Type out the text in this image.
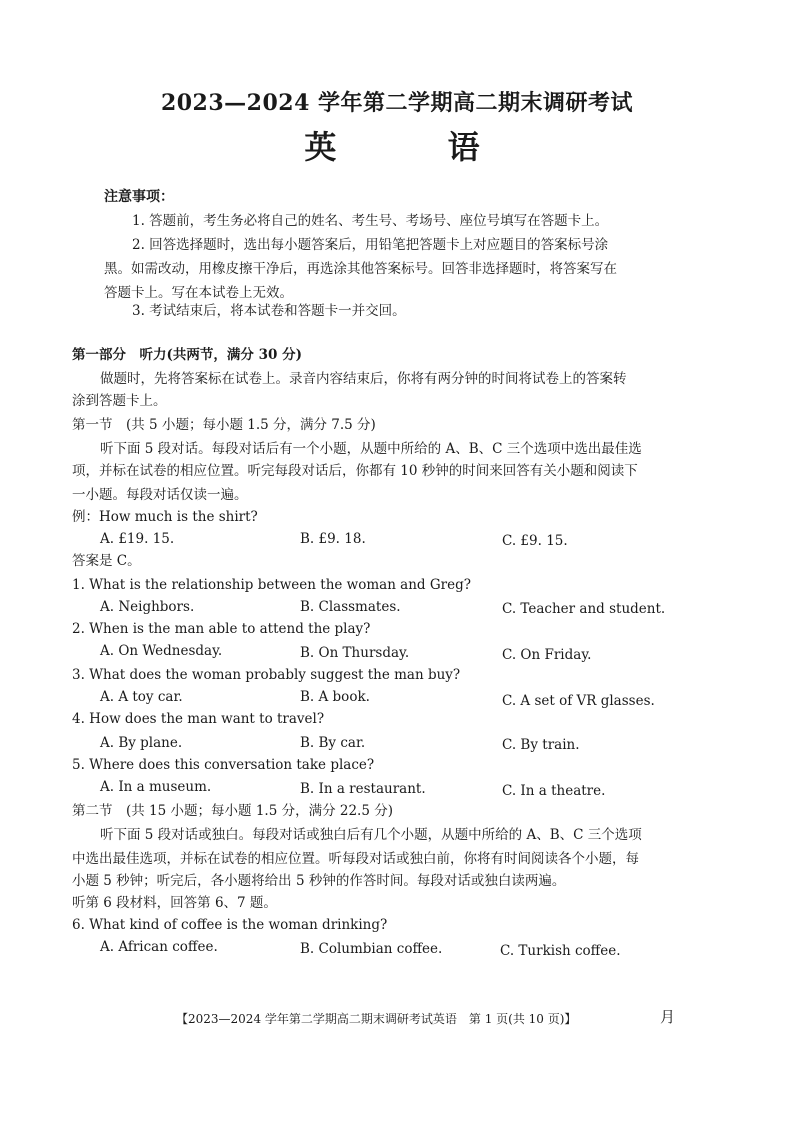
2023—2024 学年第二学期高二期末调研考试
英 语
注意事项：
1. 答题前，考生务必将自己的姓名、考生号、考场号、座位号填写在答题卡上。
2. 回答选择题时，选出每小题答案后，用铅笔把答题卡上对应题目的答案标号涂
黑。如需改动，用橡皮擦干净后，再选涂其他答案标号。回答非选择题时，将答案写在
答题卡上。写在本试卷上无效。
3. 考试结束后，将本试卷和答题卡一并交回。
第一部分　听力(共两节，满分 30 分)
做题时，先将答案标在试卷上。录音内容结束后，你将有两分钟的时间将试卷上的答案转
涂到答题卡上。
第一节　(共 5 小题；每小题 1.5 分，满分 7.5 分)
听下面 5 段对话。每段对话后有一个小题，从题中所给的 A、B、C 三个选项中选出最佳选
项，并标在试卷的相应位置。听完每段对话后，你都有 10 秒钟的时间来回答有关小题和阅读下
一小题。每段对话仅读一遍。
例：How much is the shirt?
A. £19. 15.	B. £9. 18.	C. £9. 15.
答案是 C。
1. What is the relationship between the woman and Greg?
A. Neighbors.	B. Classmates.	C. Teacher and student.
2. When is the man able to attend the play?
A. On Wednesday.	B. On Thursday.	C. On Friday.
3. What does the woman probably suggest the man buy?
A. A toy car.	B. A book.	C. A set of VR glasses.
4. How does the man want to travel?
A. By plane.	B. By car.	C. By train.
5. Where does this conversation take place?
A. In a museum.	B. In a restaurant.	C. In a theatre.
第二节　(共 15 小题；每小题 1.5 分，满分 22.5 分)
听下面 5 段对话或独白。每段对话或独白后有几个小题，从题中所给的 A、B、C 三个选项
中选出最佳选项，并标在试卷的相应位置。听每段对话或独白前，你将有时间阅读各个小题，每
小题 5 秒钟；听完后，各小题将给出 5 秒钟的作答时间。每段对话或独白读两遍。
听第 6 段材料，回答第 6、7 题。
6. What kind of coffee is the woman drinking?
A. African coffee.	B. Columbian coffee.	C. Turkish coffee.
【2023—2024 学年第二学期高二期末调研考试英语　第 1 页(共 10 页)】	月
